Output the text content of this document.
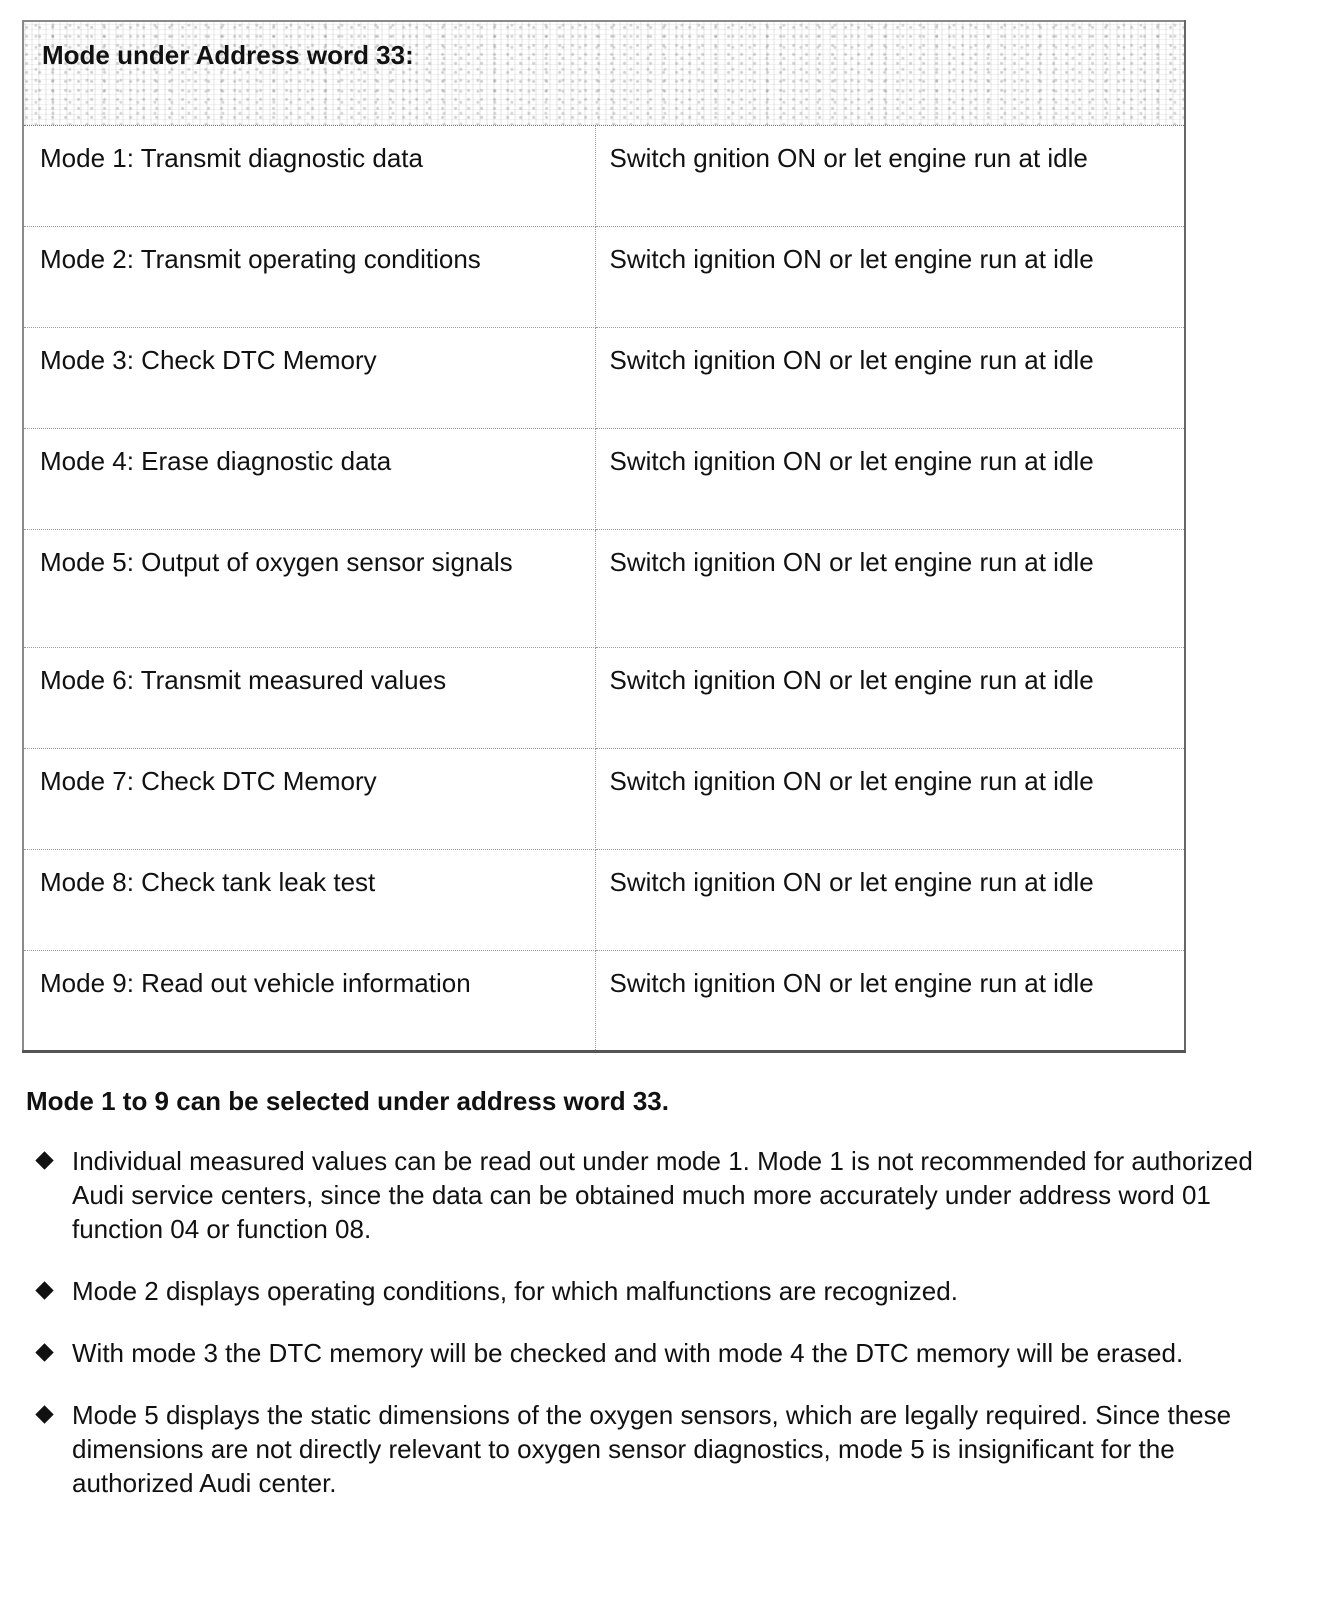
Mode under Address word 33:	
Mode 1: Transmit diagnostic data	Switch gnition ON or let engine run at idle
Mode 2: Transmit operating conditions	Switch ignition ON or let engine run at idle
Mode 3: Check DTC Memory	Switch ignition ON or let engine run at idle
Mode 4: Erase diagnostic data	Switch ignition ON or let engine run at idle
Mode 5: Output of oxygen sensor signals	Switch ignition ON or let engine run at idle
Mode 6: Transmit measured values	Switch ignition ON or let engine run at idle
Mode 7: Check DTC Memory	Switch ignition ON or let engine run at idle
Mode 8: Check tank leak test	Switch ignition ON or let engine run at idle
Mode 9: Read out vehicle information	Switch ignition ON or let engine run at idle

Mode 1 to 9 can be selected under address word 33.

Individual measured values can be read out under mode 1. Mode 1 is not recommended for authorized Audi service centers, since the data can be obtained much more accurately under address word 01 function 04 or function 08.
Mode 2 displays operating conditions, for which malfunctions are recognized.
With mode 3 the DTC memory will be checked and with mode 4 the DTC memory will be erased.
Mode 5 displays the static dimensions of the oxygen sensors, which are legally required. Since these dimensions are not directly relevant to oxygen sensor diagnostics, mode 5 is insignificant for the authorized Audi center.
